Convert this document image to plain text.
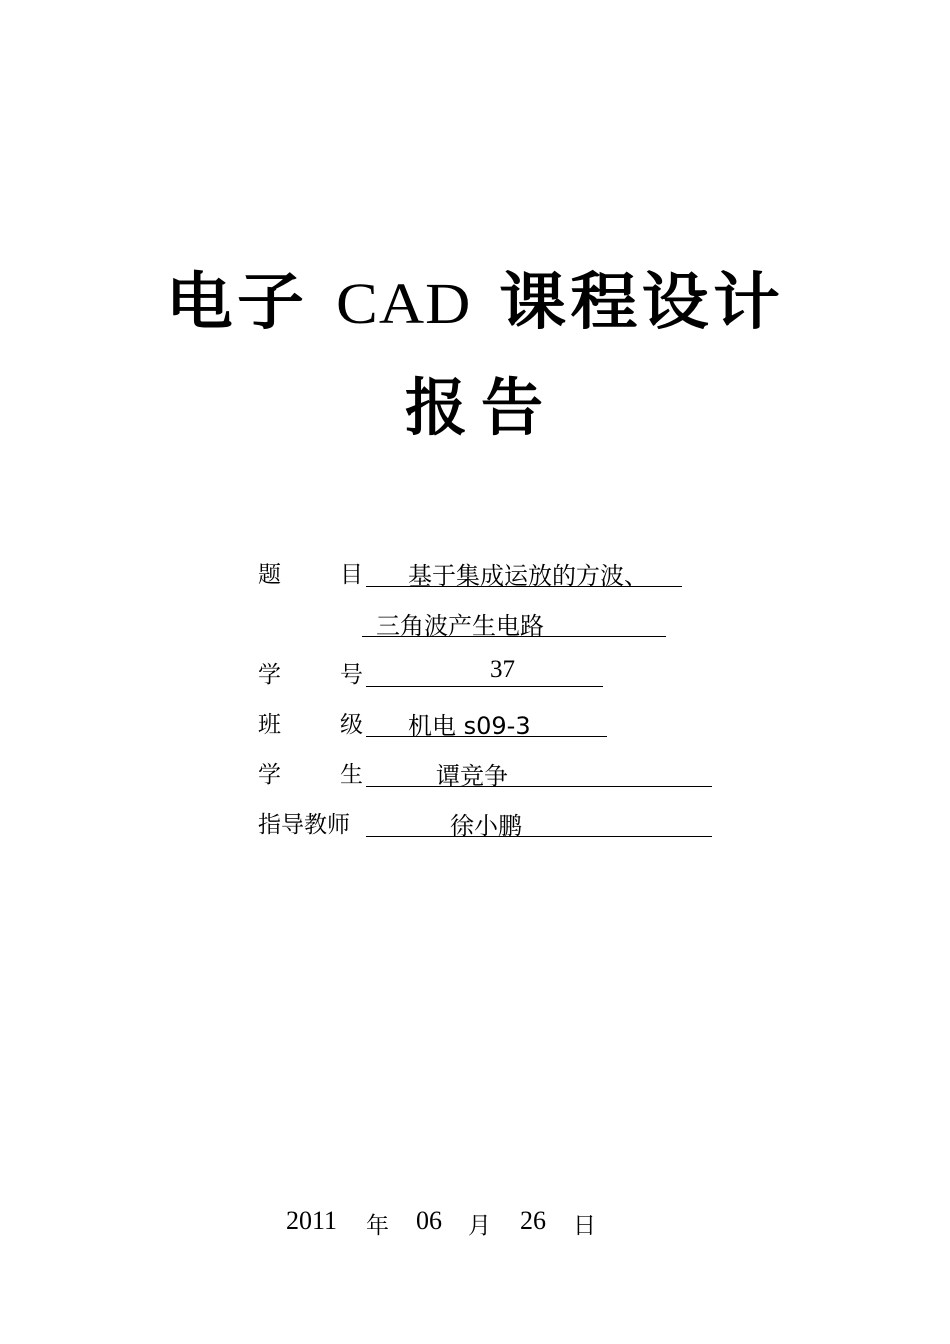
电子 CAD 课程设计
报告
题	目 基于集成运放的方波、
三角波产生电路
学	号	37
班	级 机电 s09-3
学	生	谭竞争
指导教师	徐小鹏
2011 年 06 月 26 日
